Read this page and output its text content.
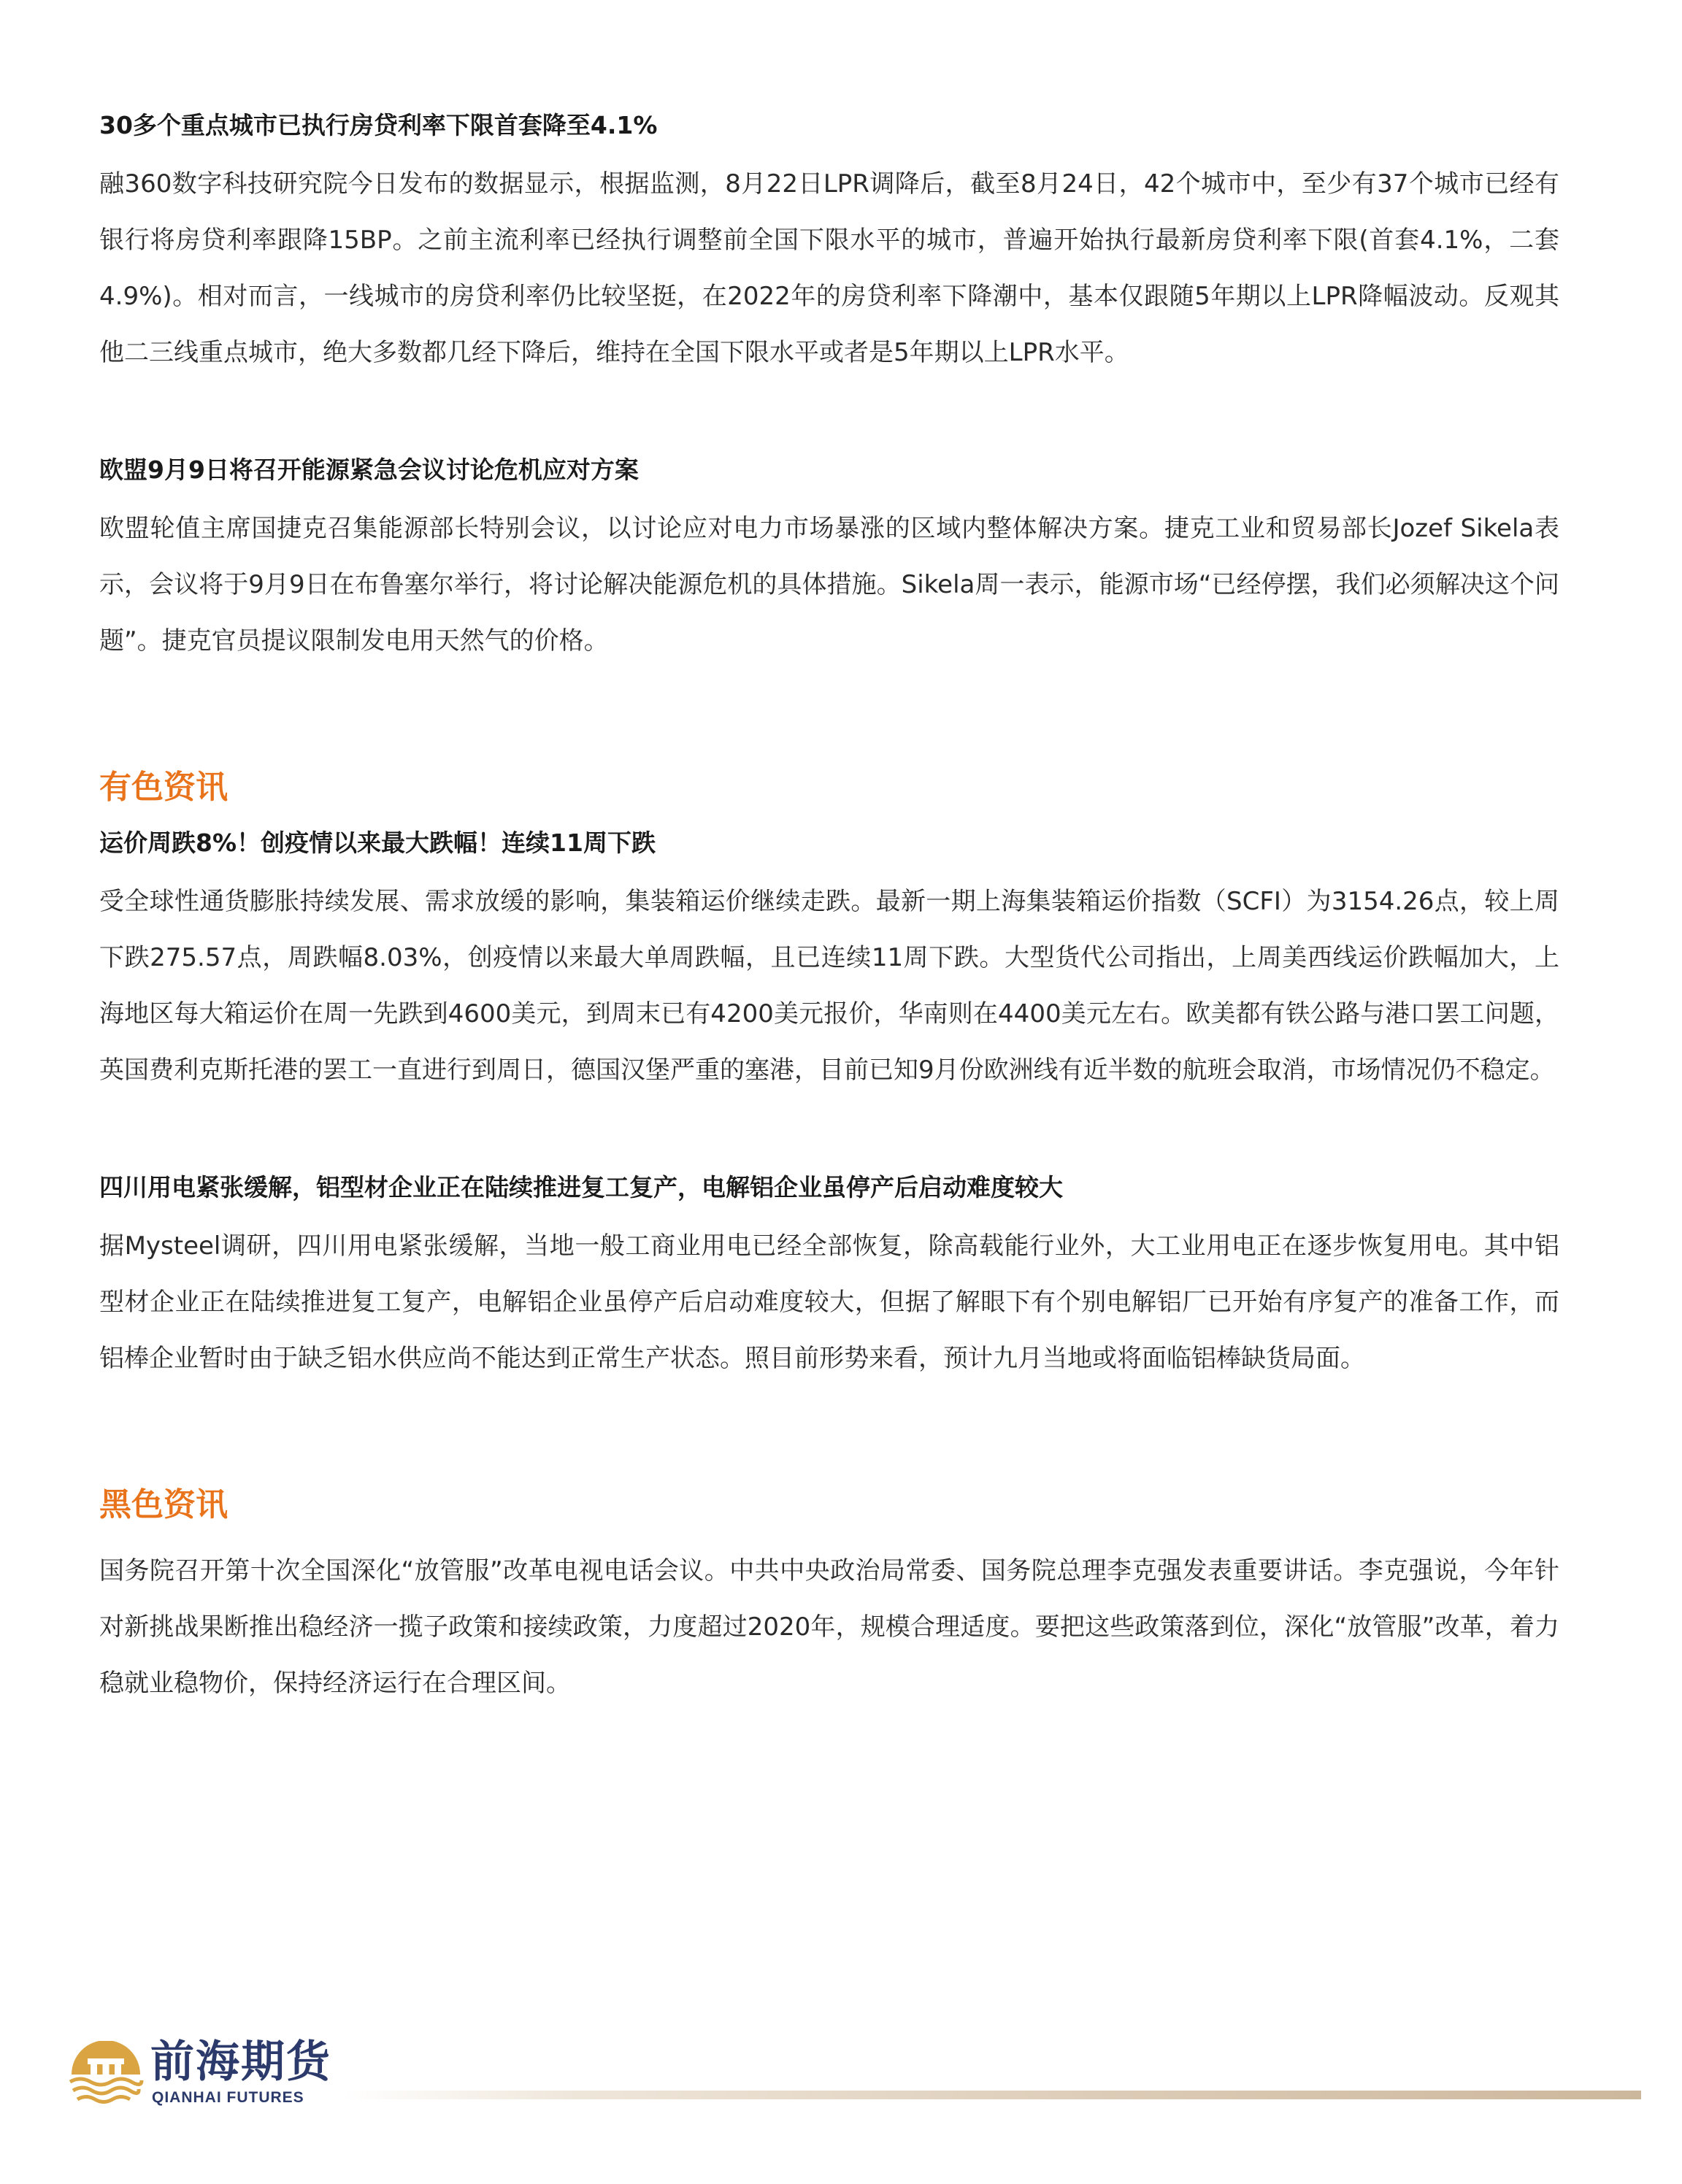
30多个重点城市已执行房贷利率下限首套降至4.1%

融360数字科技研究院今日发布的数据显示，根据监测，8月22日LPR调降后，截至8月24日，42个城市中，至少有37个城市已经有银行将房贷利率跟降15BP。之前主流利率已经执行调整前全国下限水平的城市，普遍开始执行最新房贷利率下限(首套4.1%，二套4.9%)。相对而言，一线城市的房贷利率仍比较坚挺，在2022年的房贷利率下降潮中，基本仅跟随5年期以上LPR降幅波动。反观其他二三线重点城市，绝大多数都几经下降后，维持在全国下限水平或者是5年期以上LPR水平。

欧盟9月9日将召开能源紧急会议讨论危机应对方案

欧盟轮值主席国捷克召集能源部长特别会议，以讨论应对电力市场暴涨的区域内整体解决方案。捷克工业和贸易部长Jozef Sikela表示，会议将于9月9日在布鲁塞尔举行，将讨论解决能源危机的具体措施。Sikela周一表示，能源市场“已经停摆，我们必须解决这个问题”。捷克官员提议限制发电用天然气的价格。

有色资讯

运价周跌8%！创疫情以来最大跌幅！连续11周下跌

受全球性通货膨胀持续发展、需求放缓的影响，集装箱运价继续走跌。最新一期上海集装箱运价指数（SCFI）为3154.26点，较上周下跌275.57点，周跌幅8.03%，创疫情以来最大单周跌幅，且已连续11周下跌。大型货代公司指出，上周美西线运价跌幅加大，上海地区每大箱运价在周一先跌到4600美元，到周末已有4200美元报价，华南则在4400美元左右。欧美都有铁公路与港口罢工问题，英国费利克斯托港的罢工一直进行到周日，德国汉堡严重的塞港，目前已知9月份欧洲线有近半数的航班会取消，市场情况仍不稳定。

四川用电紧张缓解，铝型材企业正在陆续推进复工复产，电解铝企业虽停产后启动难度较大

据Mysteel调研，四川用电紧张缓解，当地一般工商业用电已经全部恢复，除高载能行业外，大工业用电正在逐步恢复用电。其中铝型材企业正在陆续推进复工复产，电解铝企业虽停产后启动难度较大，但据了解眼下有个别电解铝厂已开始有序复产的准备工作，而铝棒企业暂时由于缺乏铝水供应尚不能达到正常生产状态。照目前形势来看，预计九月当地或将面临铝棒缺货局面。

黑色资讯

国务院召开第十次全国深化“放管服”改革电视电话会议。中共中央政治局常委、国务院总理李克强发表重要讲话。李克强说，今年针对新挑战果断推出稳经济一揽子政策和接续政策，力度超过2020年，规模合理适度。要把这些政策落到位，深化“放管服”改革，着力稳就业稳物价，保持经济运行在合理区间。

前海期货
QIANHAI FUTURES
